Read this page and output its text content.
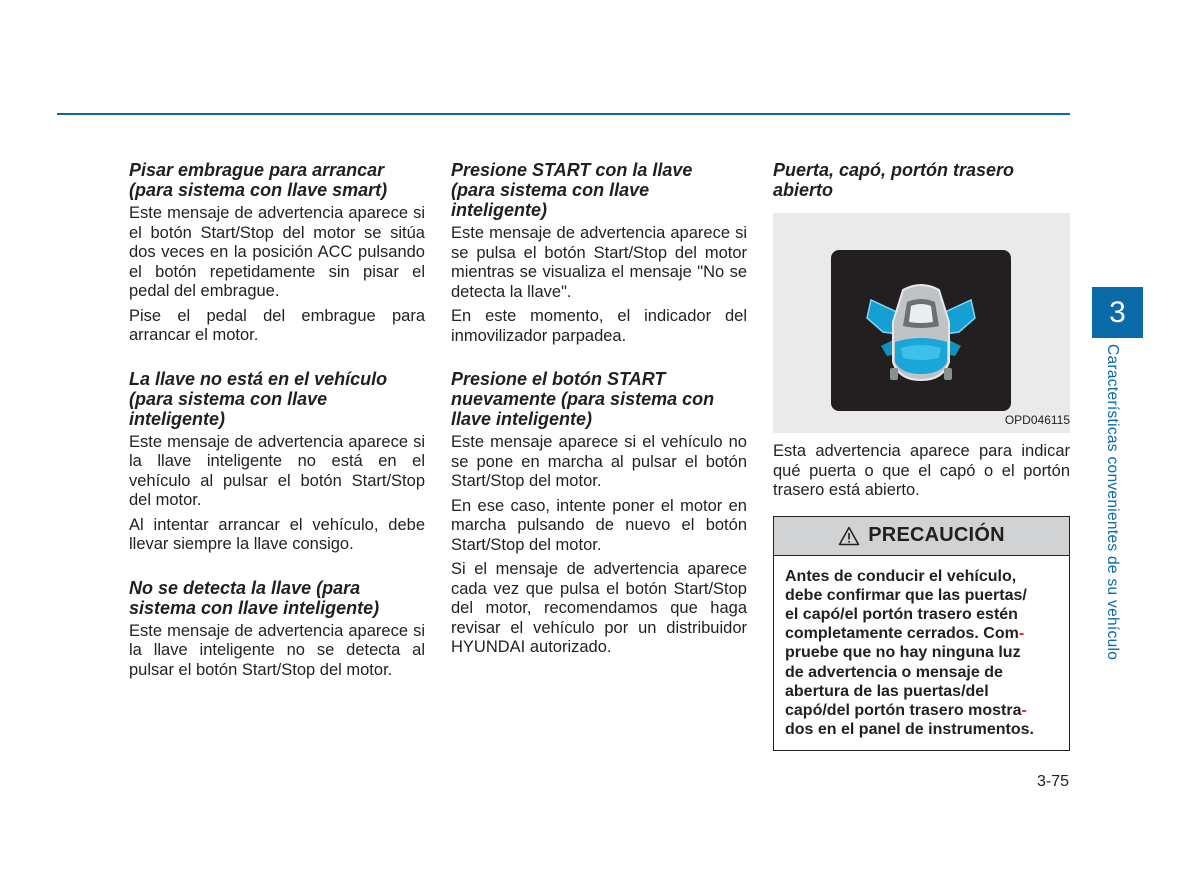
Pisar embrague para arrancar
(para sistema con llave smart)

Este mensaje de advertencia aparece si el botón Start/Stop del motor se sitúa dos veces en la posición ACC pulsando el botón repetidamente sin pisar el pedal del embrague.

Pise el pedal del embrague para arrancar el motor.

La llave no está en el vehículo
(para sistema con llave
inteligente)

Este mensaje de advertencia aparece si la llave inteligente no está en el vehículo al pulsar el botón Start/Stop del motor.

Al intentar arrancar el vehículo, debe llevar siempre la llave consigo.

No se detecta la llave (para
sistema con llave inteligente)

Este mensaje de advertencia aparece si la llave inteligente no se detecta al pulsar el botón Start/Stop del motor.

Presione START con la llave
(para sistema con llave
inteligente)

Este mensaje de advertencia aparece si se pulsa el botón Start/Stop del motor mientras se visualiza el mensaje "No se detecta la llave".

En este momento, el indicador del inmovilizador parpadea.

Presione el botón START
nuevamente (para sistema con
llave inteligente)

Este mensaje aparece si el vehículo no se pone en marcha al pulsar el botón Start/Stop del motor.

En ese caso, intente poner el motor en marcha pulsando de nuevo el botón Start/Stop del motor.

Si el mensaje de advertencia aparece cada vez que pulsa el botón Start/Stop del motor, recomendamos que haga revisar el vehículo por un distribuidor HYUNDAI autorizado.

Puerta, capó, portón trasero
abierto

OPD046115

Esta advertencia aparece para indicar qué puerta o que el capó o el portón trasero está abierto.

PRECAUCIÓN
Antes de conducir el vehículo,
debe confirmar que las puertas/
el capó/el portón trasero estén
completamente cerrados. Com-
pruebe que no hay ninguna luz
de advertencia o mensaje de
abertura de las puertas/del
capó/del portón trasero mostra-
dos en el panel de instrumentos.
3
Características convenientes de su vehículo
3-75
